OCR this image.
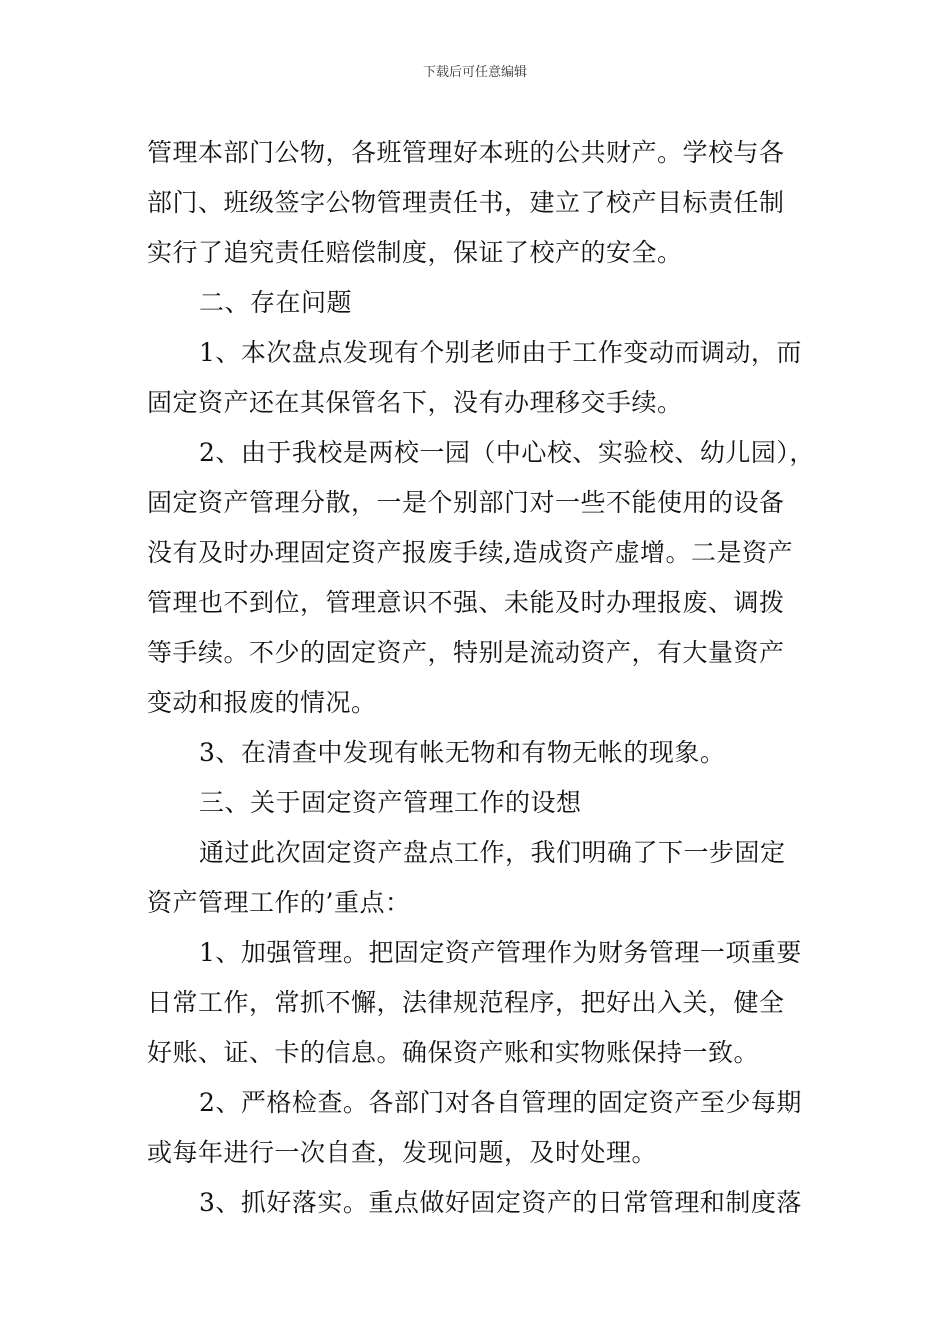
下载后可任意编辑
管理本部门公物，各班管理好本班的公共财产。学校与各
部门、班级签字公物管理责任书，建立了校产目标责任制
实行了追究责任赔偿制度，保证了校产的安全。
二、存在问题
1、本次盘点发现有个别老师由于工作变动而调动，而
固定资产还在其保管名下，没有办理移交手续。
2、由于我校是两校一园（中心校、实验校、幼儿园），
固定资产管理分散，一是个别部门对一些不能使用的设备
没有及时办理固定资产报废手续,造成资产虚增。二是资产
管理也不到位，管理意识不强、未能及时办理报废、调拨
等手续。不少的固定资产，特别是流动资产，有大量资产
变动和报废的情况。
3、在清查中发现有帐无物和有物无帐的现象。
三、关于固定资产管理工作的设想
通过此次固定资产盘点工作，我们明确了下一步固定
资产管理工作的’重点：
1、加强管理。把固定资产管理作为财务管理一项重要
日常工作，常抓不懈，法律规范程序，把好出入关，健全
好账、证、卡的信息。确保资产账和实物账保持一致。
2、严格检查。各部门对各自管理的固定资产至少每期
或每年进行一次自查，发现问题，及时处理。
3、抓好落实。重点做好固定资产的日常管理和制度落
